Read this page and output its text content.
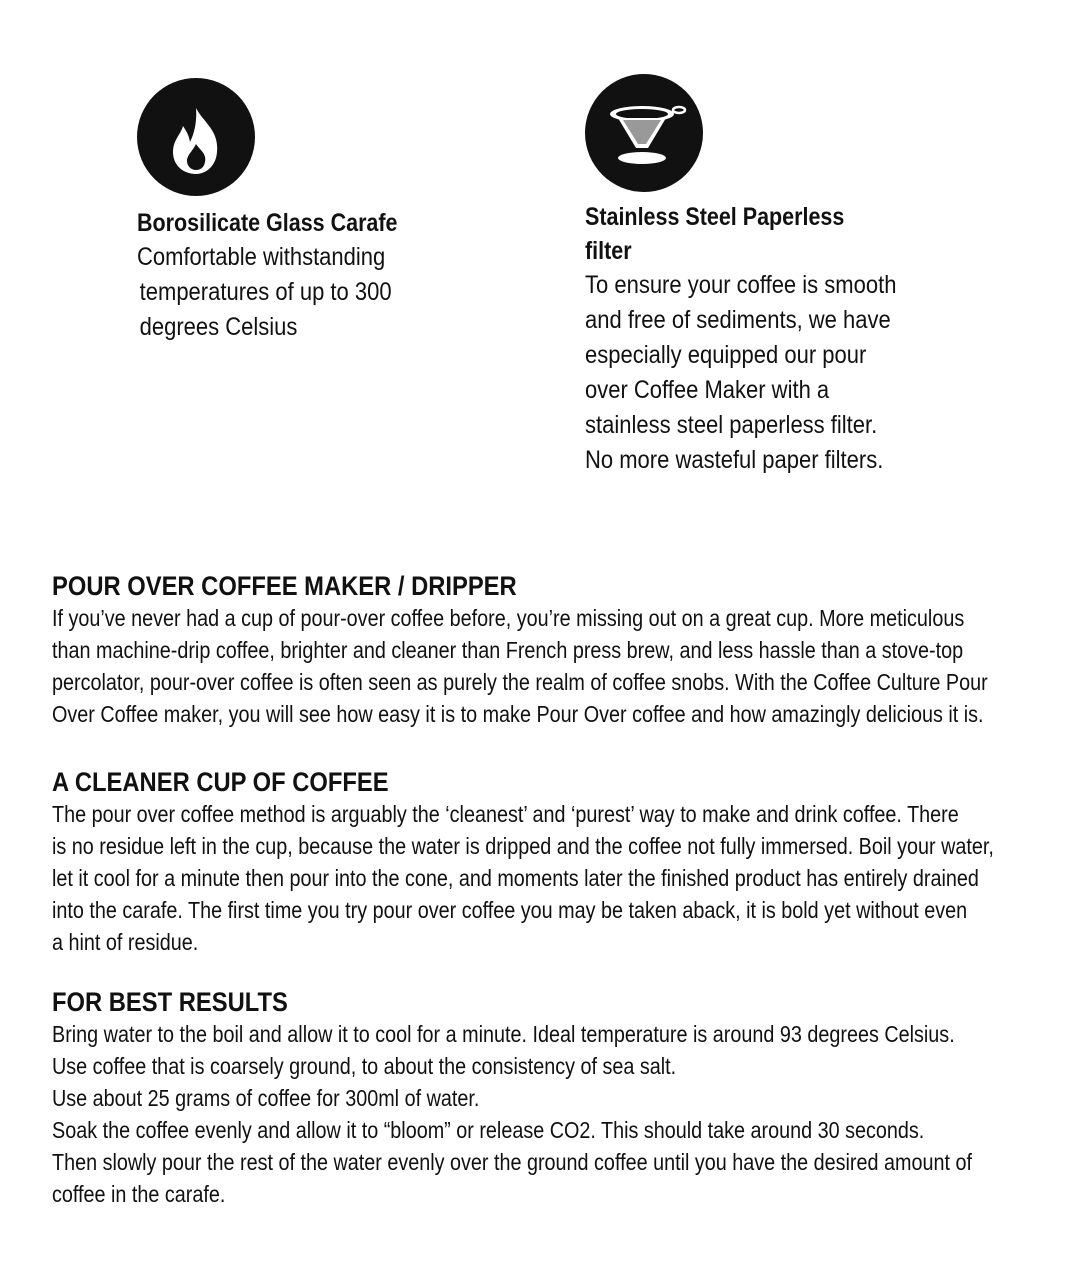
Borosilicate Glass Carafe
Comfortable withstanding
temperatures of up to 300
degrees Celsius
Stainless Steel Paperless
filter
To ensure your coffee is smooth
and free of sediments, we have
especially equipped our pour
over Coffee Maker with a
stainless steel paperless filter.
No more wasteful paper filters.
POUR OVER COFFEE MAKER / DRIPPER
If you’ve never had a cup of pour-over coffee before, you’re missing out on a great cup. More meticulous
than machine-drip coffee, brighter and cleaner than French press brew, and less hassle than a stove-top
percolator, pour-over coffee is often seen as purely the realm of coffee snobs. With the Coffee Culture Pour
Over Coffee maker, you will see how easy it is to make Pour Over coffee and how amazingly delicious it is.
A CLEANER CUP OF COFFEE
The pour over coffee method is arguably the ‘cleanest’ and ‘purest’ way to make and drink coffee. There
is no residue left in the cup, because the water is dripped and the coffee not fully immersed. Boil your water,
let it cool for a minute then pour into the cone, and moments later the finished product has entirely drained
into the carafe. The first time you try pour over coffee you may be taken aback, it is bold yet without even
a hint of residue.
FOR BEST RESULTS
Bring water to the boil and allow it to cool for a minute. Ideal temperature is around 93 degrees Celsius.
Use coffee that is coarsely ground, to about the consistency of sea salt.
Use about 25 grams of coffee for 300ml of water.
Soak the coffee evenly and allow it to “bloom” or release CO2. This should take around 30 seconds.
Then slowly pour the rest of the water evenly over the ground coffee until you have the desired amount of
coffee in the carafe.
